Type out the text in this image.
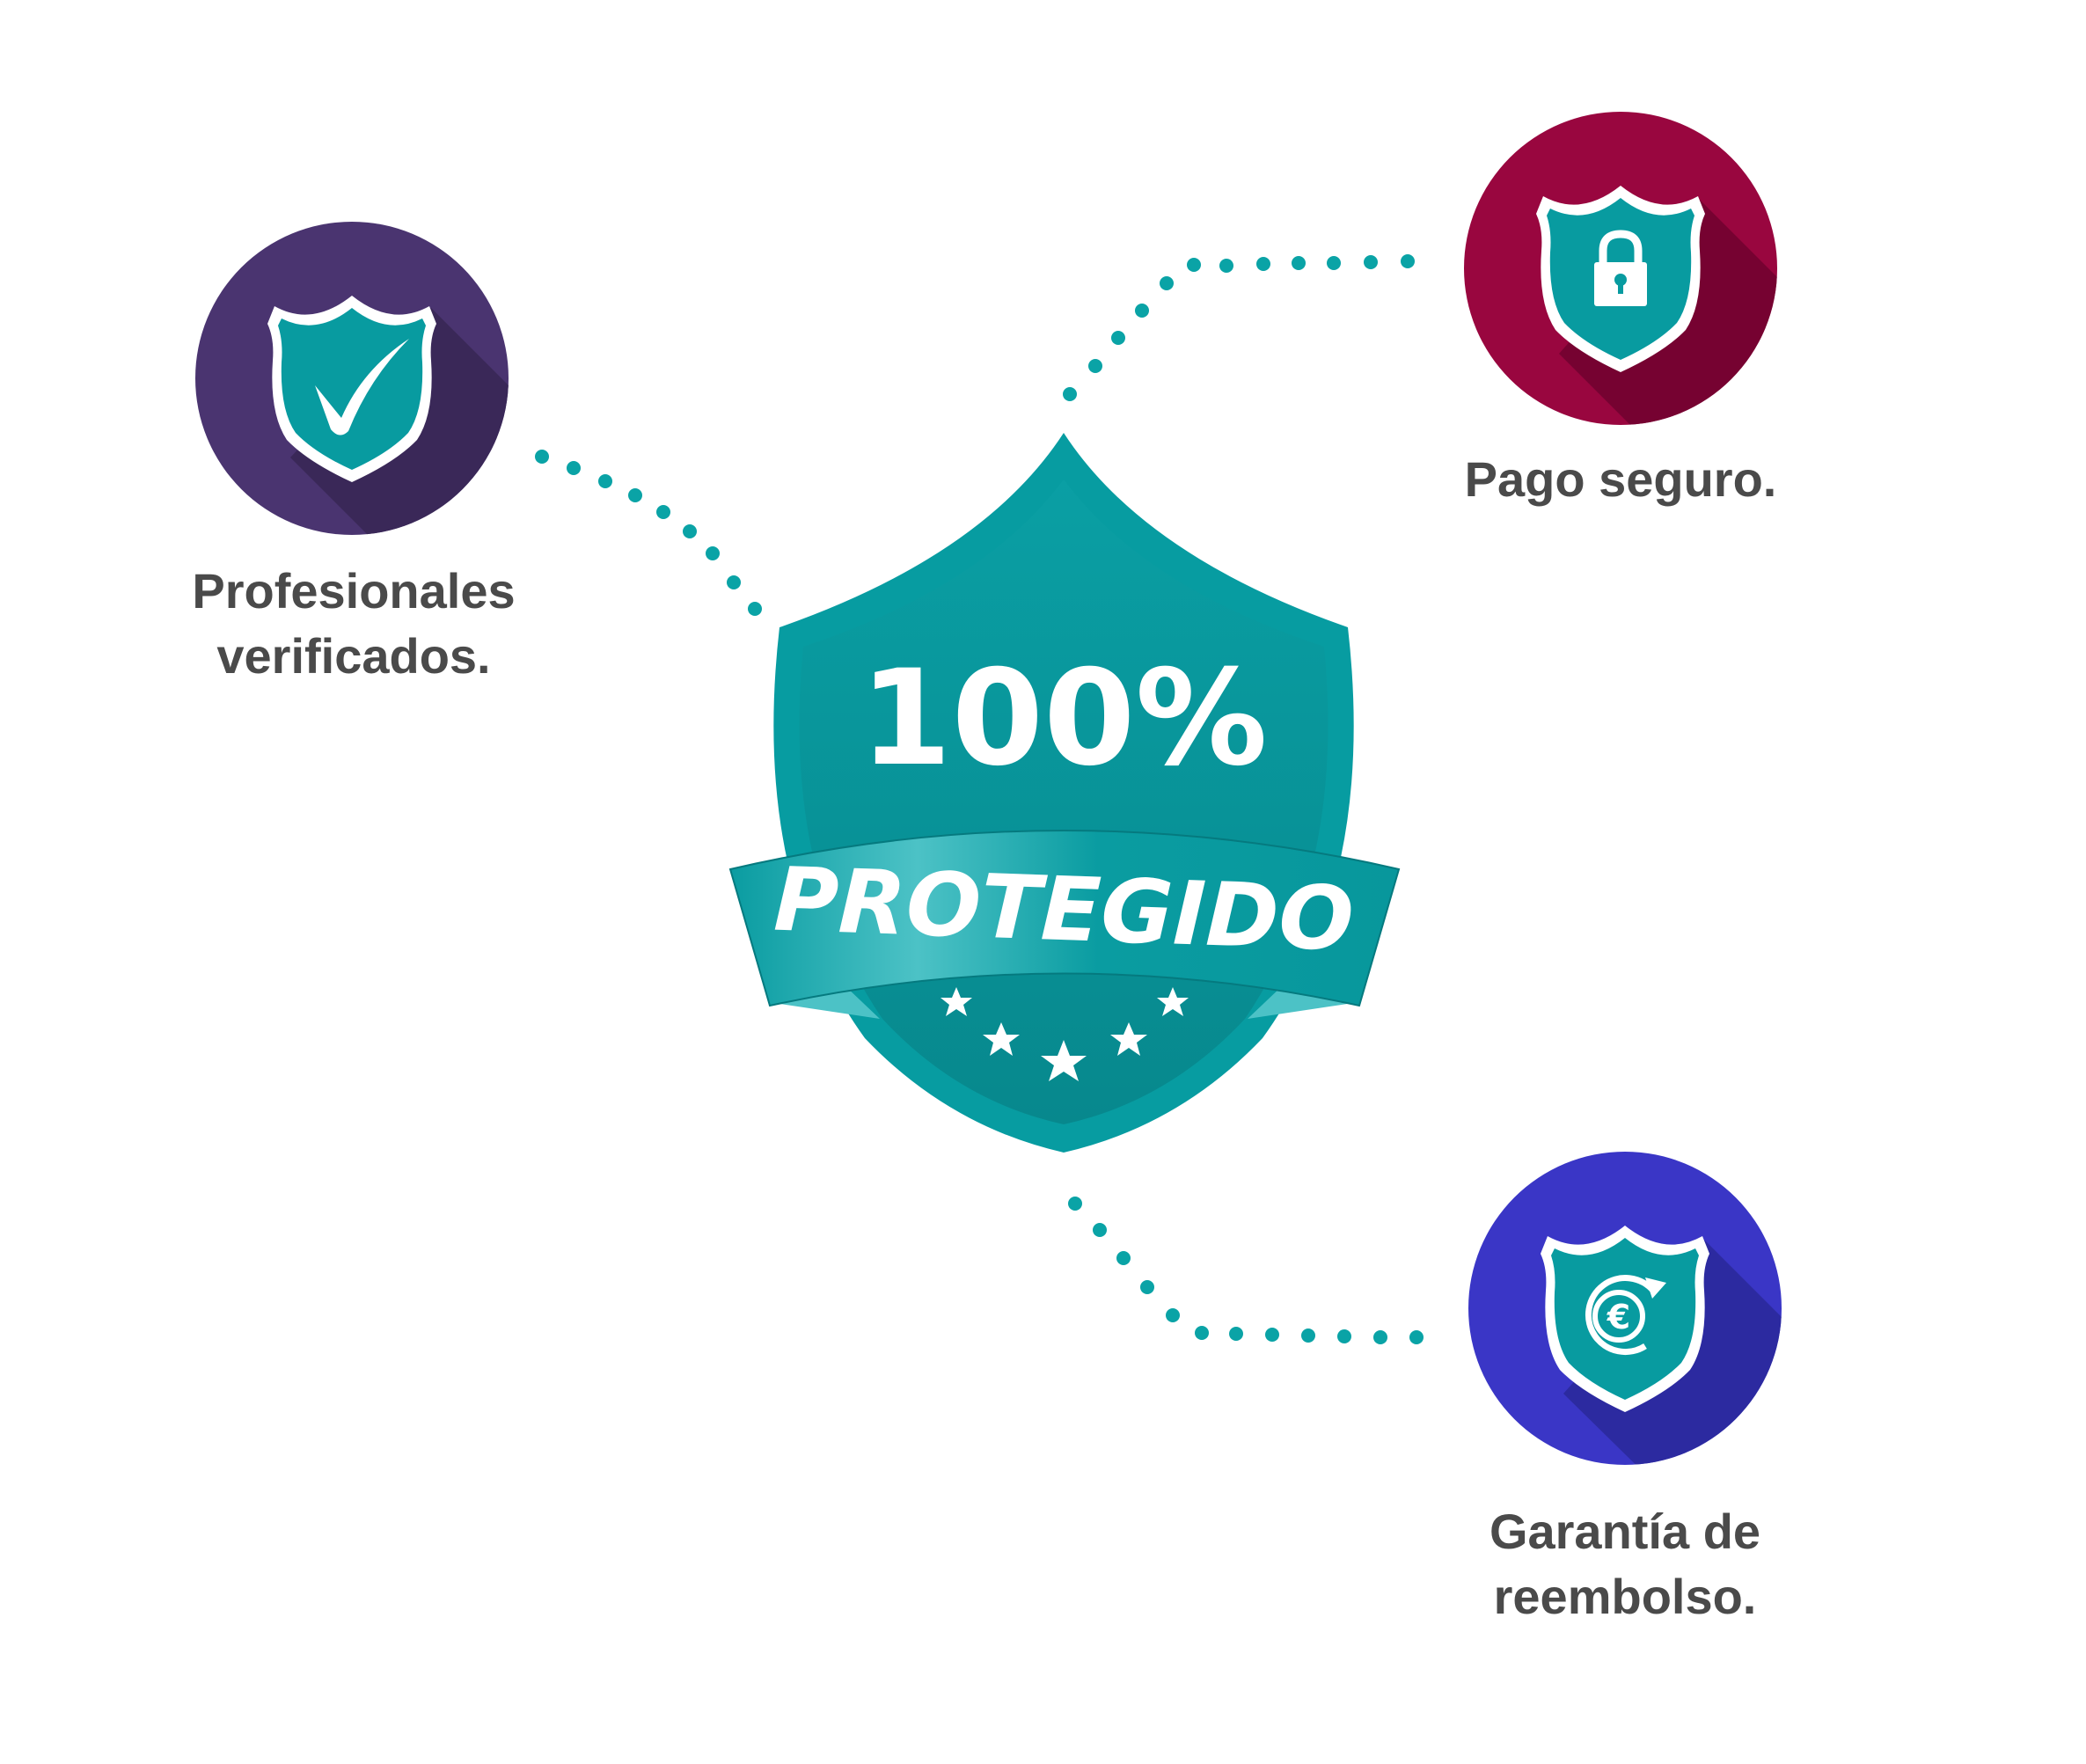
100%
PROTEGIDO
€
Profesionales
verificados.
Pago seguro.
Garantía de
reembolso.
